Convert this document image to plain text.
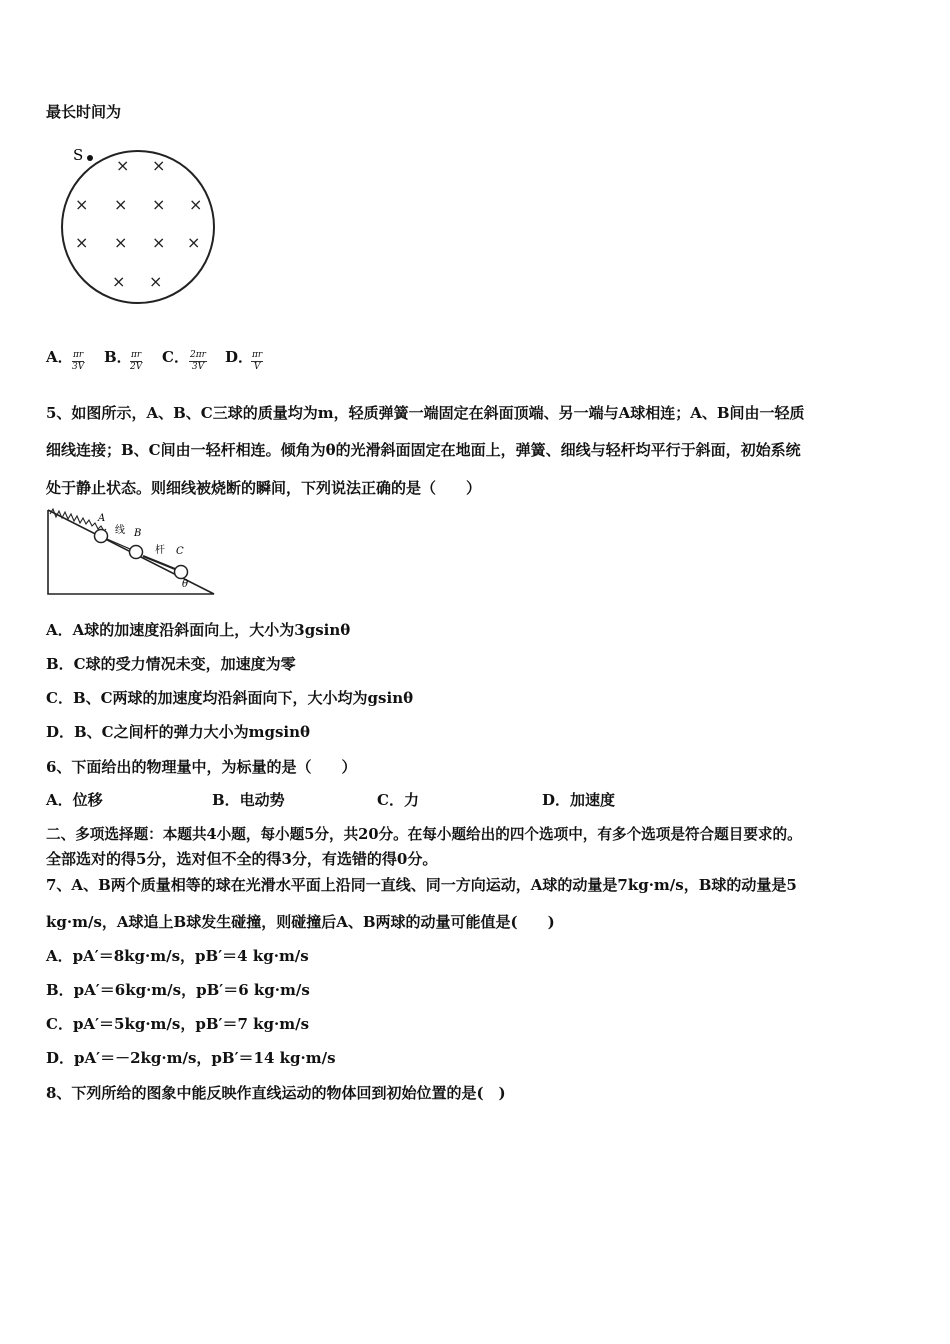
最长时间为
S
× ×
× × × ×
× × × ×
× ×
A． $\frac{\pi r}{3V}$ B．
$\frac{\pi r}{2V}$ C． $\frac{2\pi r}{3V}$ D．
$\frac{\pi r}{V}$
5、如图所示，A、B、C三球的质量均为m，轻质弹簧一端固定在斜面顶端、另一端与A球相连；A、B间由一轻质
细线连接；B、C间由一轻杆相连。倾角为θ的光滑斜面固定在地面上，弹簧、细线与轻杆均平行于斜面，初始系统
处于静止状态。则细线被烧断的瞬间，下列说法正确的是（　　）
A
线 B
杆 C
θ
A．A球的加速度沿斜面向上，大小为3gsinθ
B．C球的受力情况未变，加速度为零
C．B、C两球的加速度均沿斜面向下，大小均为gsinθ
D．B、C之间杆的弹力大小为mgsinθ
6、下面给出的物理量中，为标量的是（　　）
A．位移	B．电动势	C．力	D．加速度
二、多项选择题：本题共4小题，每小题5分，共20分。在每小题给出的四个选项中，有多个选项是符合题目要求的。
全部选对的得5分，选对但不全的得3分，有选错的得0分。
7、A、B两个质量相等的球在光滑水平面上沿同一直线、同一方向运动，A球的动量是7kg·m/s，B球的动量是5
kg·m/s，A球追上B球发生碰撞，则碰撞后A、B两球的动量可能值是(　　)
A．pA′＝8kg·m/s，pB′＝4 kg·m/s
B．pA′＝6kg·m/s，pB′＝6 kg·m/s
C．pA′＝5kg·m/s，pB′＝7 kg·m/s
D．pA′＝－2kg·m/s，pB′＝14 kg·m/s
8、下列所给的图象中能反映作直线运动的物体回到初始位置的是(　)
